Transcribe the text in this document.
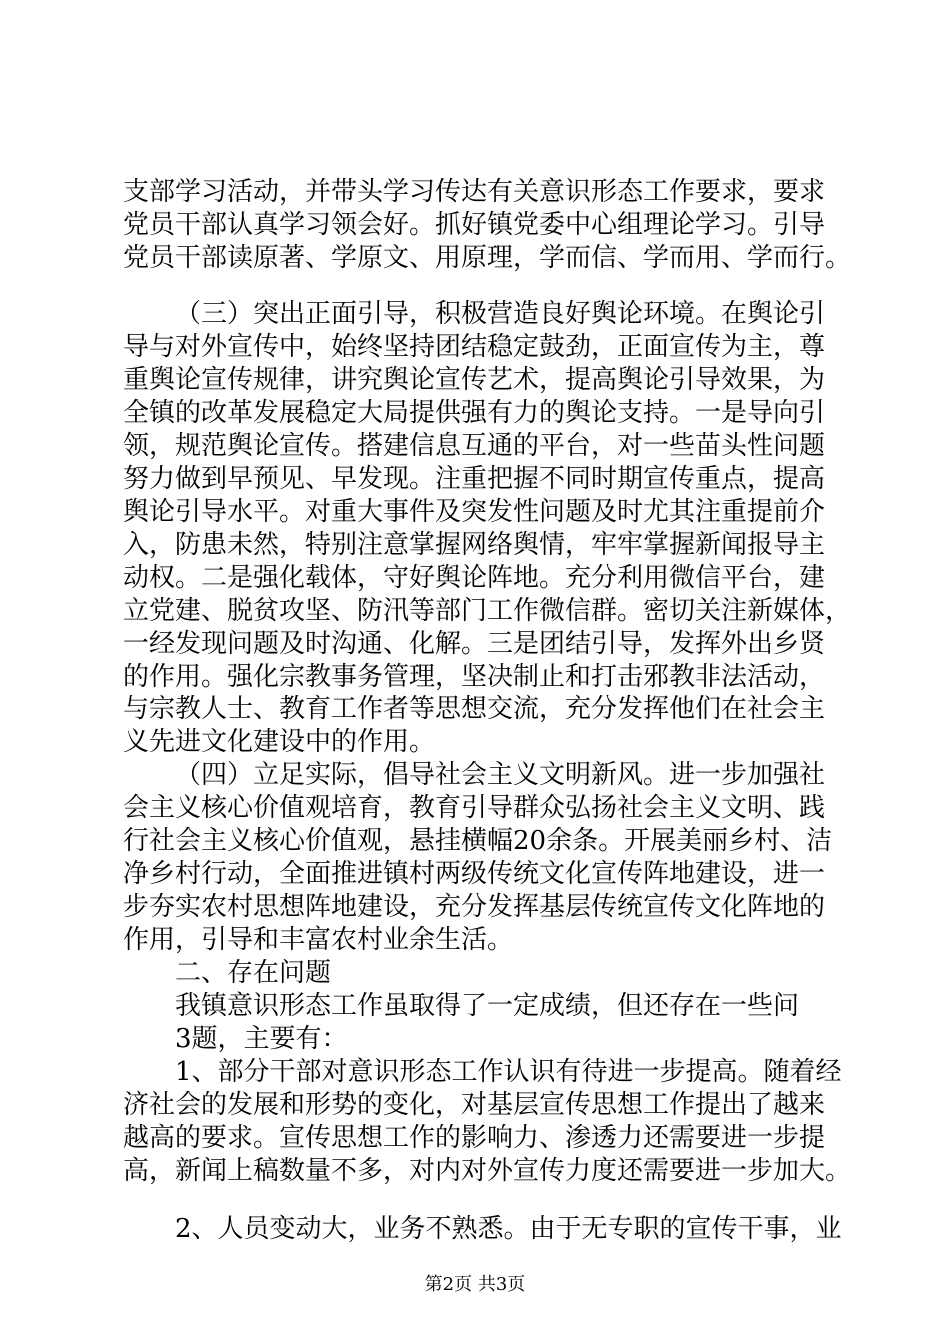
支部学习活动，并带头学习传达有关意识形态工作要求，要求
党员干部认真学习领会好。抓好镇党委中心组理论学习。引导
党员干部读原著、学原文、用原理，学而信、学而用、学而行。
（三）突出正面引导，积极营造良好舆论环境。在舆论引
导与对外宣传中，始终坚持团结稳定鼓劲，正面宣传为主，尊
重舆论宣传规律，讲究舆论宣传艺术，提高舆论引导效果，为
全镇的改革发展稳定大局提供强有力的舆论支持。一是导向引
领，规范舆论宣传。搭建信息互通的平台，对一些苗头性问题
努力做到早预见、早发现。注重把握不同时期宣传重点，提高
舆论引导水平。对重大事件及突发性问题及时尤其注重提前介
入，防患未然，特别注意掌握网络舆情，牢牢掌握新闻报导主
动权。二是强化载体，守好舆论阵地。充分利用微信平台，建
立党建、脱贫攻坚、防汛等部门工作微信群。密切关注新媒体，
一经发现问题及时沟通、化解。三是团结引导，发挥外出乡贤
的作用。强化宗教事务管理，坚决制止和打击邪教非法活动，
与宗教人士、教育工作者等思想交流，充分发挥他们在社会主
义先进文化建设中的作用。
（四）立足实际，倡导社会主义文明新风。进一步加强社
会主义核心价值观培育，教育引导群众弘扬社会主义文明、践
行社会主义核心价值观，悬挂横幅20余条。开展美丽乡村、洁
净乡村行动，全面推进镇村两级传统文化宣传阵地建设，进一
步夯实农村思想阵地建设，充分发挥基层传统宣传文化阵地的
作用，引导和丰富农村业余生活。
二、存在问题
我镇意识形态工作虽取得了一定成绩，但还存在一些问
3题，主要有：
1、部分干部对意识形态工作认识有待进一步提高。随着经
济社会的发展和形势的变化，对基层宣传思想工作提出了越来
越高的要求。宣传思想工作的影响力、渗透力还需要进一步提
高，新闻上稿数量不多，对内对外宣传力度还需要进一步加大。
2、人员变动大，业务不熟悉。由于无专职的宣传干事，业
第2页 共3页
